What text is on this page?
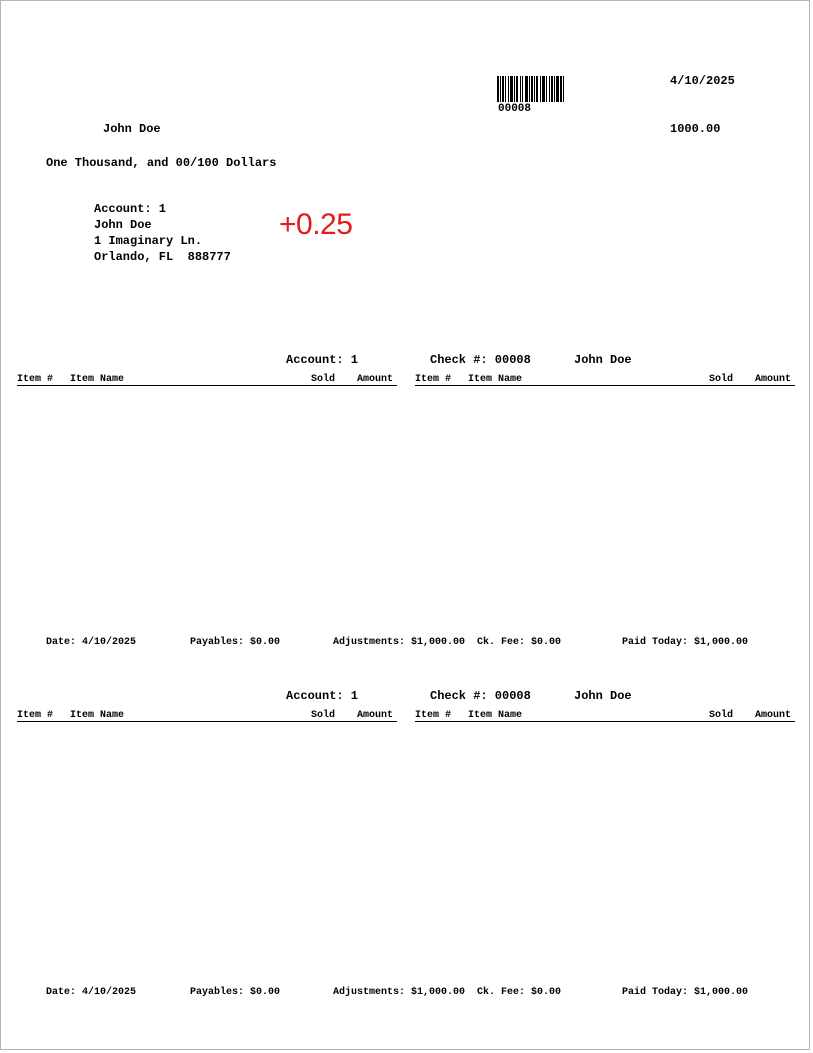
00008
4/10/2025
John Doe	1000.00
One Thousand, and 00/100 Dollars
Account: 1
John Doe
1 Imaginary Ln.
Orlando, FL  888777
+0.25
Account: 1	Check #: 00008	John Doe
Item # Item Name	Sold Amount Item # Item Name	Sold Amount
Date: 4/10/2025	Payables: $0.00	Adjustments: $1,000.00 Ck. Fee: $0.00	Paid Today: $1,000.00
Account: 1	Check #: 00008	John Doe
Item # Item Name	Sold Amount Item # Item Name	Sold Amount
Date: 4/10/2025	Payables: $0.00	Adjustments: $1,000.00 Ck. Fee: $0.00	Paid Today: $1,000.00
